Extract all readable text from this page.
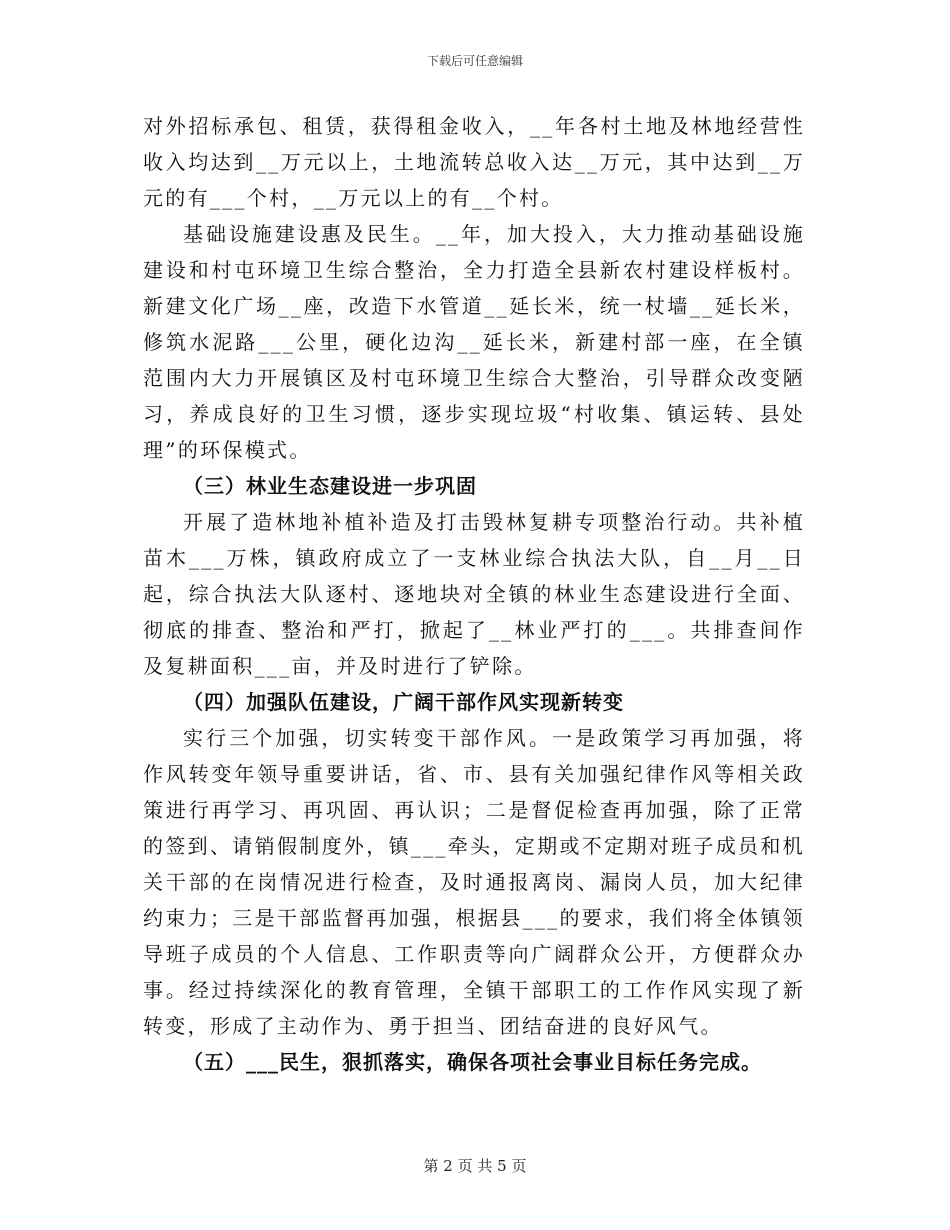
下载后可任意编辑

对外招标承包、租赁，获得租金收入，__年各村土地及林地经营性收入均达到__万元以上，土地流转总收入达__万元，其中达到__万元的有___个村，__万元以上的有__个村。

基础设施建设惠及民生。__年，加大投入，大力推动基础设施建设和村屯环境卫生综合整治，全力打造全县新农村建设样板村。新建文化广场__座，改造下水管道__延长米，统一杖墙__延长米，修筑水泥路___公里，硬化边沟__延长米，新建村部一座，在全镇范围内大力开展镇区及村屯环境卫生综合大整治，引导群众改变陋习，养成良好的卫生习惯，逐步实现垃圾“村收集、镇运转、县处理”的环保模式。

（三）林业生态建设进一步巩固

开展了造林地补植补造及打击毁林复耕专项整治行动。共补植苗木___万株，镇政府成立了一支林业综合执法大队，自__月__日起，综合执法大队逐村、逐地块对全镇的林业生态建设进行全面、彻底的排查、整治和严打，掀起了__林业严打的___。共排查间作及复耕面积___亩，并及时进行了铲除。

（四）加强队伍建设，广阔干部作风实现新转变

实行三个加强，切实转变干部作风。一是政策学习再加强，将作风转变年领导重要讲话，省、市、县有关加强纪律作风等相关政策进行再学习、再巩固、再认识；二是督促检查再加强，除了正常的签到、请销假制度外，镇___牵头，定期或不定期对班子成员和机关干部的在岗情况进行检查，及时通报离岗、漏岗人员，加大纪律约束力；三是干部监督再加强，根据县___的要求，我们将全体镇领导班子成员的个人信息、工作职责等向广阔群众公开，方便群众办事。经过持续深化的教育管理，全镇干部职工的工作作风实现了新转变，形成了主动作为、勇于担当、团结奋进的良好风气。

（五）___民生，狠抓落实，确保各项社会事业目标任务完成。

第 2 页 共 5 页
